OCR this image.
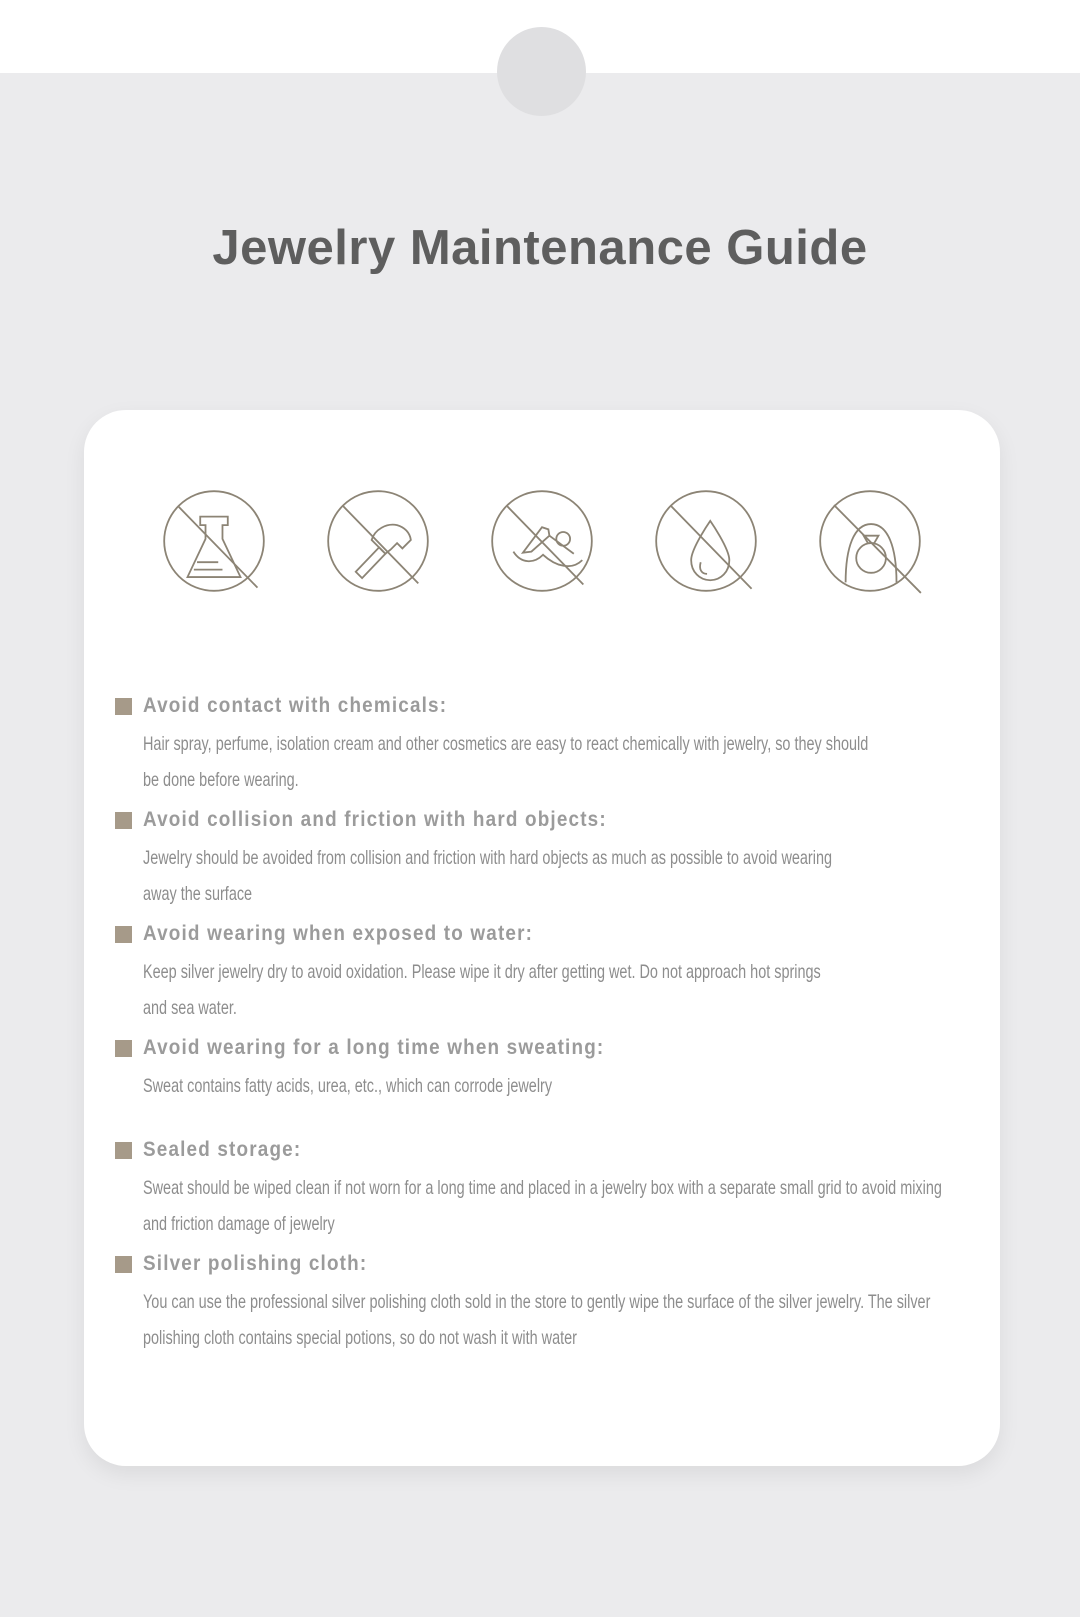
Jewelry Maintenance Guide
Avoid contact with chemicals:
Hair spray, perfume, isolation cream and other cosmetics are easy to react chemically with jewelry, so they should
be done before wearing.
Avoid collision and friction with hard objects:
Jewelry should be avoided from collision and friction with hard objects as much as possible to avoid wearing
away the surface
Avoid wearing when exposed to water:
Keep silver jewelry dry to avoid oxidation. Please wipe it dry after getting wet. Do not approach hot springs
and sea water.
Avoid wearing for a long time when sweating:
Sweat contains fatty acids, urea, etc., which can corrode jewelry
Sealed storage:
Sweat should be wiped clean if not worn for a long time and placed in a jewelry box with a separate small grid to avoid mixing
and friction damage of jewelry
Silver polishing cloth:
You can use the professional silver polishing cloth sold in the store to gently wipe the surface of the silver jewelry. The silver
polishing cloth contains special potions, so do not wash it with water
